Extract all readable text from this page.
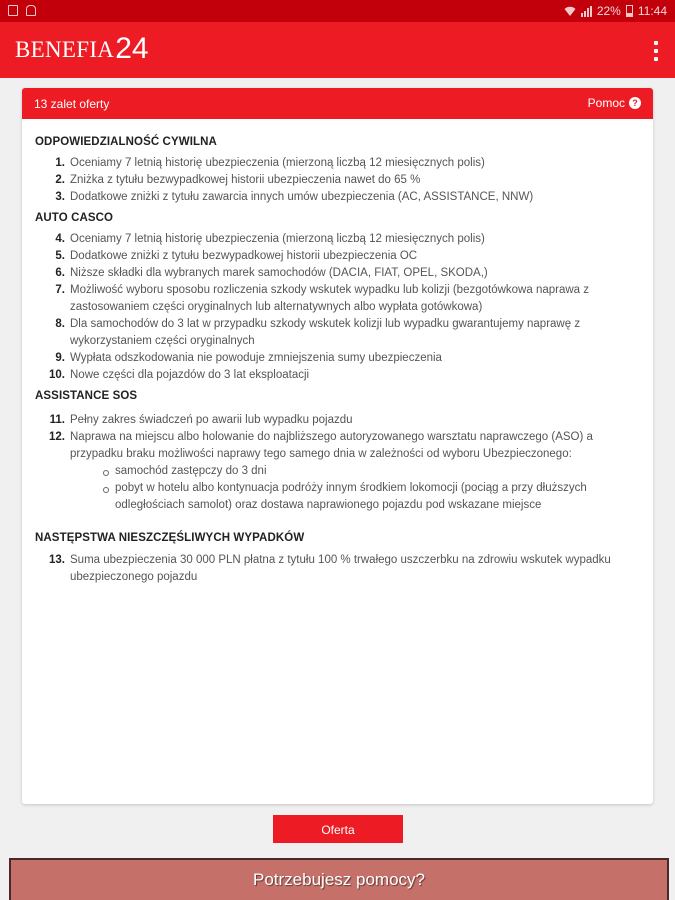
22% 11:44
BENEFIA 24
13 zalet oferty	Pomoc ?
ODPOWIEDZIALNOŚĆ CYWILNA
1. Oceniamy 7 letnią historię ubezpieczenia (mierzoną liczbą 12 miesięcznych polis)
2. Zniżka z tytułu bezwypadkowej historii ubezpieczenia nawet do 65 %
3. Dodatkowe zniżki z tytułu zawarcia innych umów ubezpieczenia (AC, ASSISTANCE, NNW)
AUTO CASCO
4. Oceniamy 7 letnią historię ubezpieczenia (mierzoną liczbą 12 miesięcznych polis)
5. Dodatkowe zniżki z tytułu bezwypadkowej historii ubezpieczenia OC
6. Niższe składki dla wybranych marek samochodów (DACIA, FIAT, OPEL, SKODA,)
7. Możliwość wyboru sposobu rozliczenia szkody wskutek wypadku lub kolizji (bezgotówkowa naprawa z zastosowaniem części oryginalnych lub alternatywnych albo wypłata gotówkowa)
8. Dla samochodów do 3 lat w przypadku szkody wskutek kolizji lub wypadku gwarantujemy naprawę z wykorzystaniem części oryginalnych
9. Wypłata odszkodowania nie powoduje zmniejszenia sumy ubezpieczenia
10. Nowe części dla pojazdów do 3 lat eksploatacji
ASSISTANCE SOS
11. Pełny zakres świadczeń po awarii lub wypadku pojazdu
12. Naprawa na miejscu albo holowanie do najbliższego autoryzowanego warsztatu naprawczego (ASO) a przypadku braku możliwości naprawy tego samego dnia w zależności od wyboru Ubezpieczonego:
samochód zastępczy do 3 dni
pobyt w hotelu albo kontynuacja podróży innym środkiem lokomocji (pociąg a przy dłuższych odległościach samolot) oraz dostawa naprawionego pojazdu pod wskazane miejsce
NASTĘPSTWA NIESZCZĘŚLIWYCH WYPADKÓW
13. Suma ubezpieczenia 30 000 PLN płatna z tytułu 100 % trwałego uszczerbku na zdrowiu wskutek wypadku ubezpieczonego pojazdu
Oferta
Potrzebujesz pomocy?
